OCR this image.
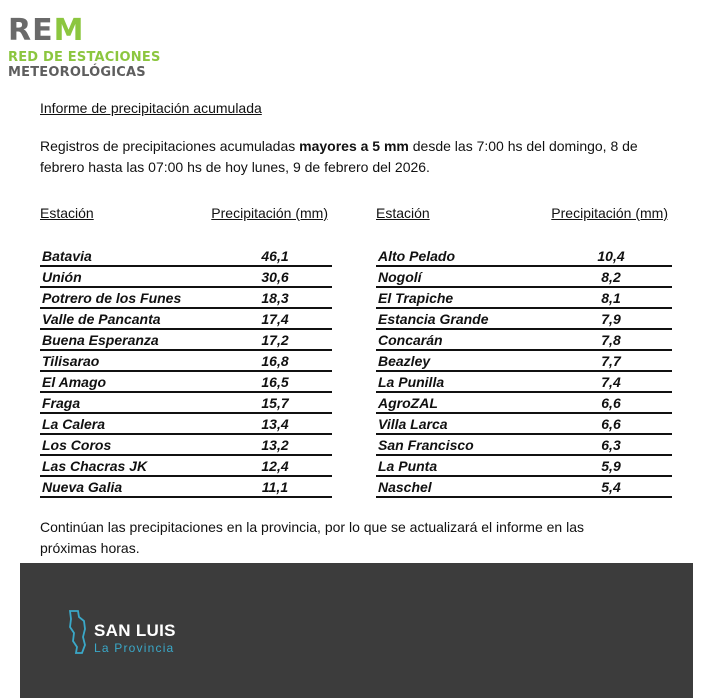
REM
RED DE ESTACIONES
METEOROLÓGICAS
Informe de precipitación acumulada
Registros de precipitaciones acumuladas mayores a 5 mm desde las 7:00 hs del domingo, 8 de febrero hasta las 07:00 hs de hoy lunes, 9 de febrero del 2026.
Estación	Precipitación (mm)
Batavia	46,1
Unión	30,6
Potrero de los Funes	18,3
Valle de Pancanta	17,4
Buena Esperanza	17,2
Tilisarao	16,8
El Amago	16,5
Fraga	15,7
La Calera	13,4
Los Coros	13,2
Las Chacras JK	12,4
Nueva Galia	11,1
Estación	Precipitación (mm)
Alto Pelado	10,4
Nogolí	8,2
El Trapiche	8,1
Estancia Grande	7,9
Concarán	7,8
Beazley	7,7
La Punilla	7,4
AgroZAL	6,6
Villa Larca	6,6
San Francisco	6,3
La Punta	5,9
Naschel	5,4
Continúan las precipitaciones en la provincia, por lo que se actualizará el informe en las próximas horas.
SAN LUIS
La Provincia
